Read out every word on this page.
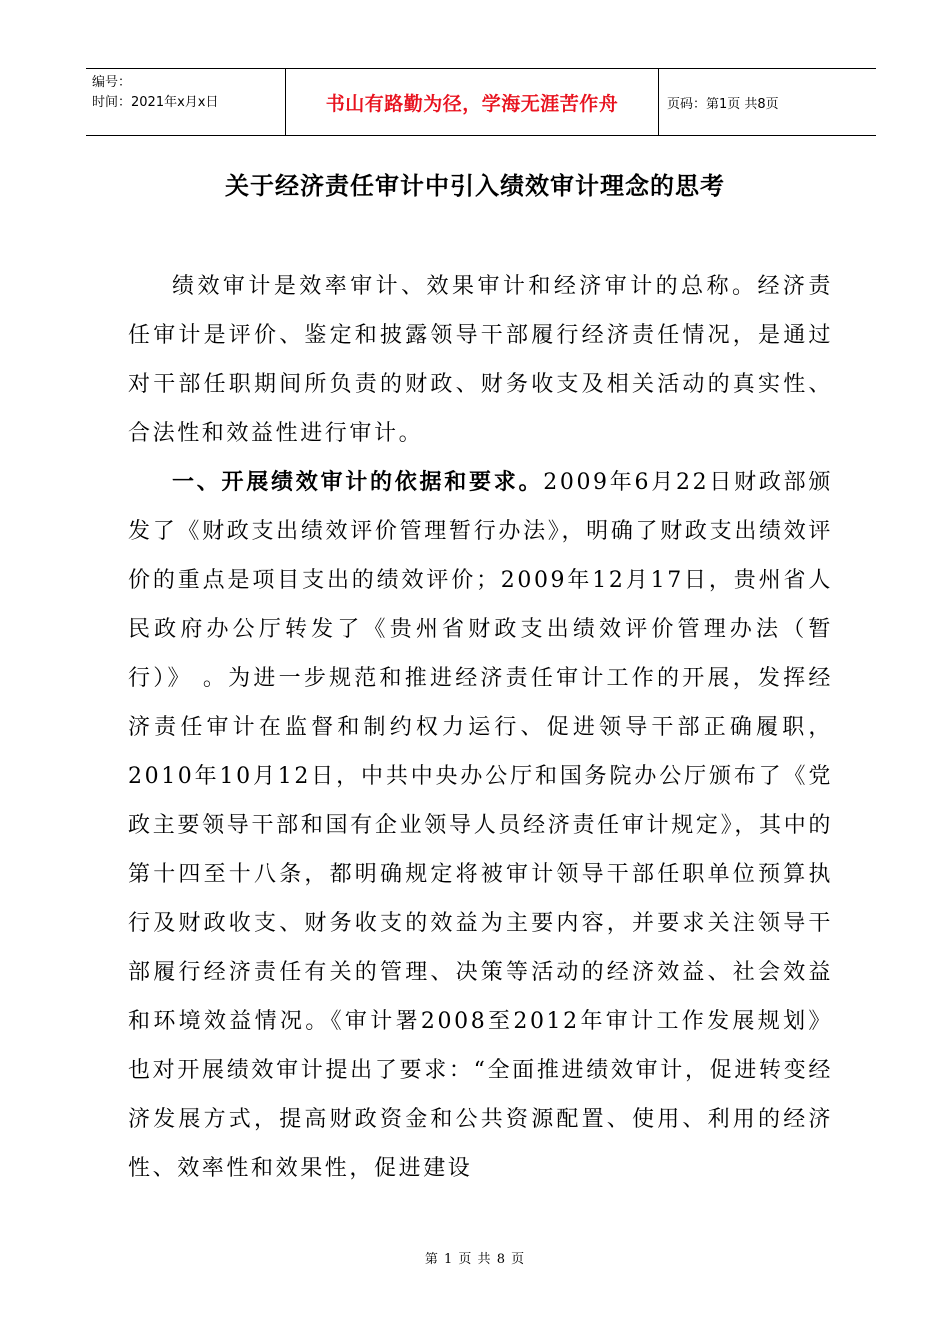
编号：
时间：2021年x月x日	书山有路勤为径，学海无涯苦作舟	页码：第1页 共8页
关于经济责任审计中引入绩效审计理念的思考

绩效审计是效率审计、效果审计和经济审计的总称。经济责任审计是评价、鉴定和披露领导干部履行经济责任情况，是通过对干部任职期间所负责的财政、财务收支及相关活动的真实性、合法性和效益性进行审计。

一、开展绩效审计的依据和要求。2009年6月22日财政部颁发了《财政支出绩效评价管理暂行办法》，明确了财政支出绩效评价的重点是项目支出的绩效评价；2009年12月17日，贵州省人民政府办公厅转发了《贵州省财政支出绩效评价管理办法（暂行）》 。为进一步规范和推进经济责任审计工作的开展，发挥经济责任审计在监督和制约权力运行、促进领导干部正确履职，2010年10月12日，中共中央办公厅和国务院办公厅颁布了《党政主要领导干部和国有企业领导人员经济责任审计规定》，其中的第十四至十八条，都明确规定将被审计领导干部任职单位预算执行及财政收支、财务收支的效益为主要内容，并要求关注领导干部履行经济责任有关的管理、决策等活动的经济效益、社会效益和环境效益情况。《审计署2008至2012年审计工作发展规划》也对开展绩效审计提出了要求：“全面推进绩效审计，促进转变经济发展方式，提高财政资金和公共资源配置、使用、利用的经济性、效率性和效果性，促进建设

第 1 页 共 8 页
